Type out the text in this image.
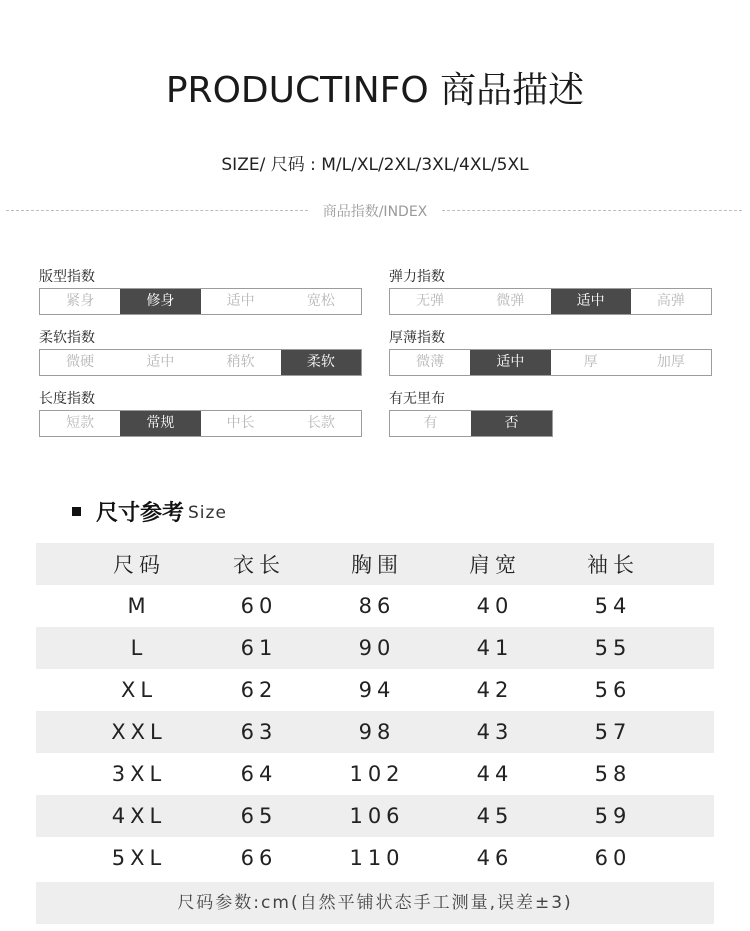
PRODUCTINFO 商品描述
SIZE/ 尺码 : M/L/XL/2XL/3XL/4XL/5XL
商品指数/INDEX
版型指数
紧身	修身	适中	宽松
弹力指数
无弹	微弹	适中	高弹
柔软指数
微硬	适中	稍软	柔软
厚薄指数
微薄	适中	厚	加厚
长度指数
短款	常规	中长	长款
有无里布
有	否
尺寸参考 Size
尺码	衣长	胸围	肩宽	袖长
M	60	86	40	54
L	61	90	41	55
XL	62	94	42	56
XXL	63	98	43	57
3XL	64	102	44	58
4XL	65	106	45	59
5XL	66	110	46	60
尺码参数:cm(自然平铺状态手工测量,误差±3)
